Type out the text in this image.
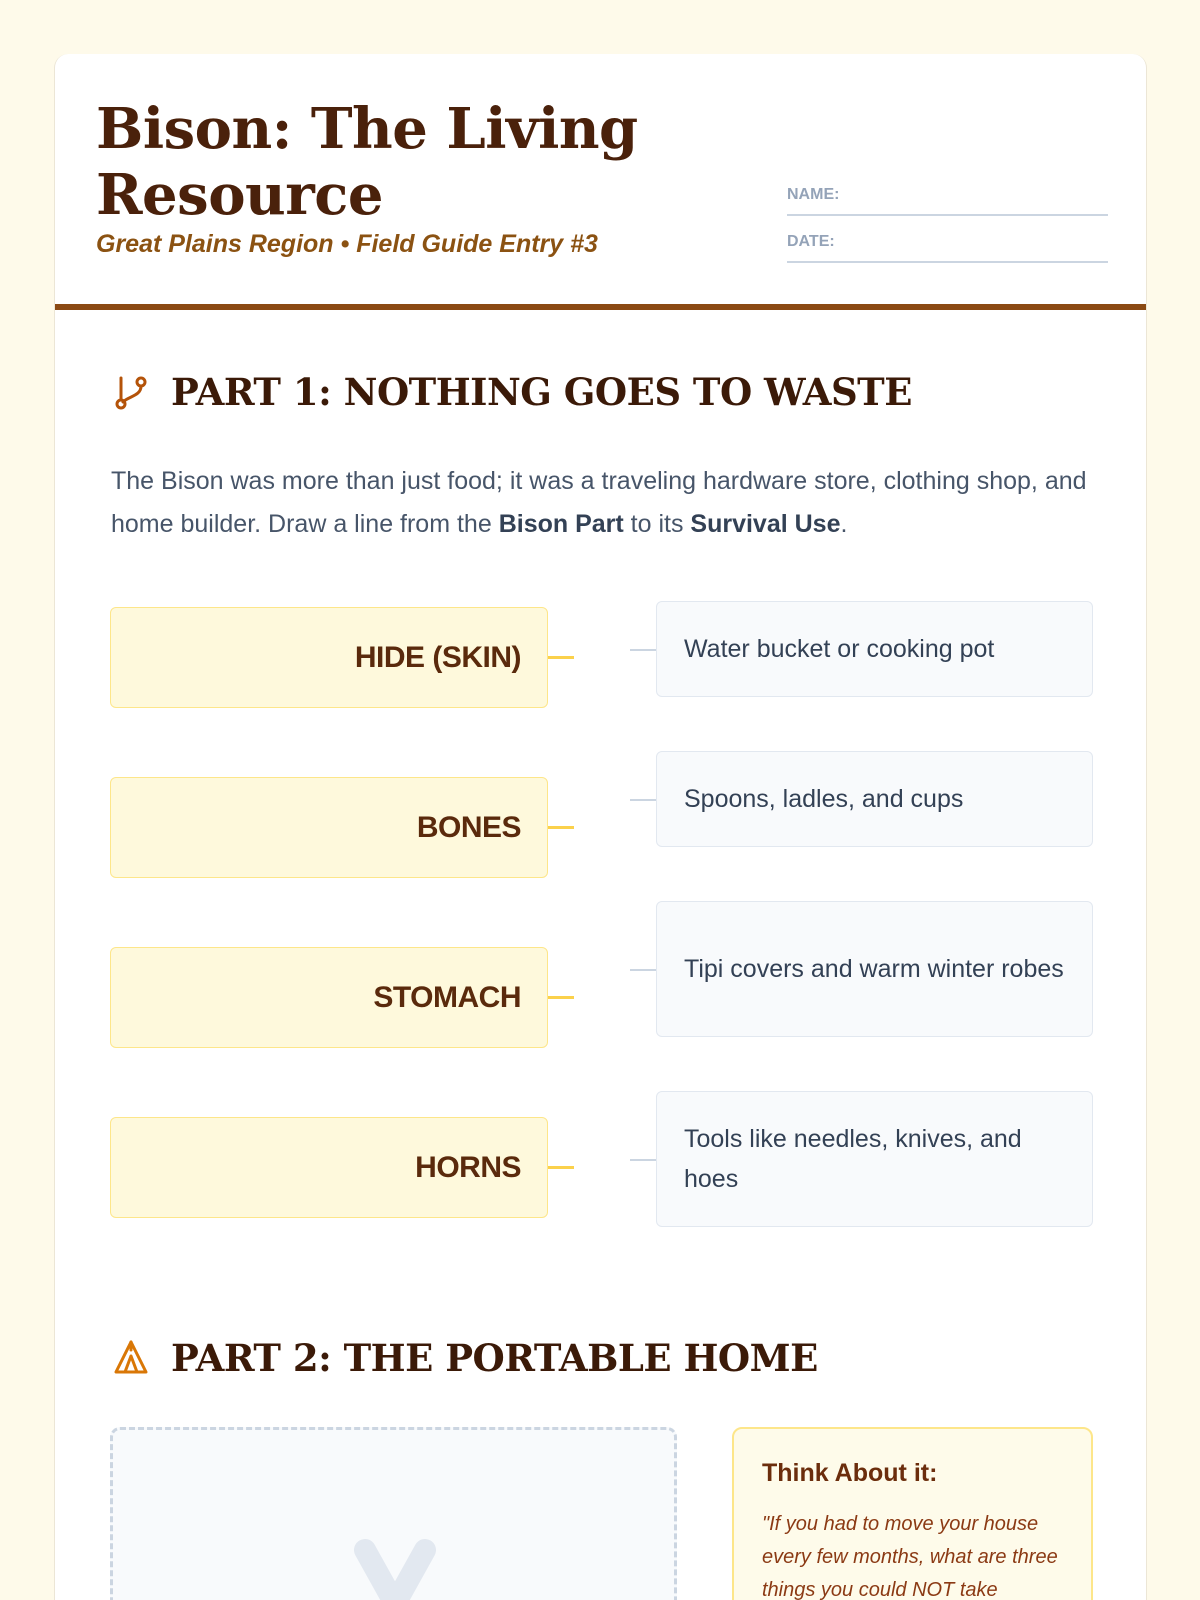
Bison: The Living Resource
Great Plains Region • Field Guide Entry #3
NAME:
DATE:
PART 1: NOTHING GOES TO WASTE

The Bison was more than just food; it was a traveling hardware store, clothing shop, and home builder. Draw a line from the Bison Part to its Survival Use.

HIDE (SKIN)
BONES
STOMACH
HORNS
Water bucket or cooking pot
Spoons, ladles, and cups
Tipi covers and warm winter robes
Tools like needles, knives, and hoes
PART 2: THE PORTABLE HOME
Think About it:

"If you had to move your house every few months, what are three things you could NOT take
